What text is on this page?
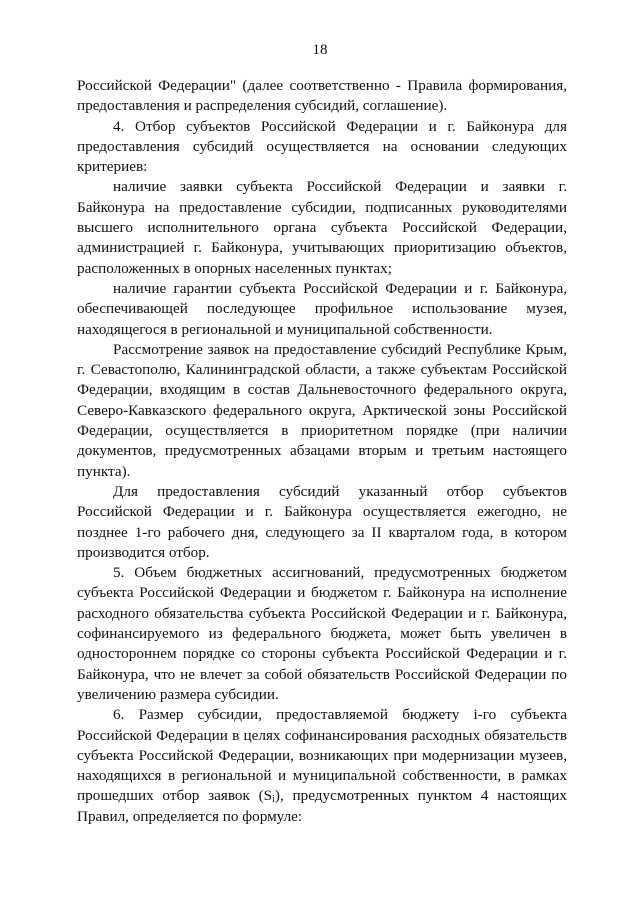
18

Российской Федерации" (далее соответственно - Правила формирования, предоставления и распределения субсидий, соглашение).

4. Отбор субъектов Российской Федерации и г. Байконура для предоставления субсидий осуществляется на основании следующих критериев:

наличие заявки субъекта Российской Федерации и заявки г. Байконура на предоставление субсидии, подписанных руководителями высшего исполнительного органа субъекта Российской Федерации, администрацией г. Байконура, учитывающих приоритизацию объектов, расположенных в опорных населенных пунктах;

наличие гарантии субъекта Российской Федерации и г. Байконура, обеспечивающей последующее профильное использование музея, находящегося в региональной и муниципальной собственности.

Рассмотрение заявок на предоставление субсидий Республике Крым, г. Севастополю, Калининградской области, а также субъектам Российской Федерации, входящим в состав Дальневосточного федерального округа, Северо-Кавказского федерального округа, Арктической зоны Российской Федерации, осуществляется в приоритетном порядке (при наличии документов, предусмотренных абзацами вторым и третьим настоящего пункта).

Для предоставления субсидий указанный отбор субъектов Российской Федерации и г. Байконура осуществляется ежегодно, не позднее 1-го рабочего дня, следующего за II кварталом года, в котором производится отбор.

5. Объем бюджетных ассигнований, предусмотренных бюджетом субъекта Российской Федерации и бюджетом г. Байконура на исполнение расходного обязательства субъекта Российской Федерации и г. Байконура, софинансируемого из федерального бюджета, может быть увеличен в одностороннем порядке со стороны субъекта Российской Федерации и г. Байконура, что не влечет за собой обязательств Российской Федерации по увеличению размера субсидии.

6. Размер субсидии, предоставляемой бюджету i-го субъекта Российской Федерации в целях софинансирования расходных обязательств субъекта Российской Федерации, возникающих при модернизации музеев, находящихся в региональной и муниципальной собственности, в рамках прошедших отбор заявок $(S_i)$, предусмотренных пунктом 4 настоящих Правил, определяется по формуле:
